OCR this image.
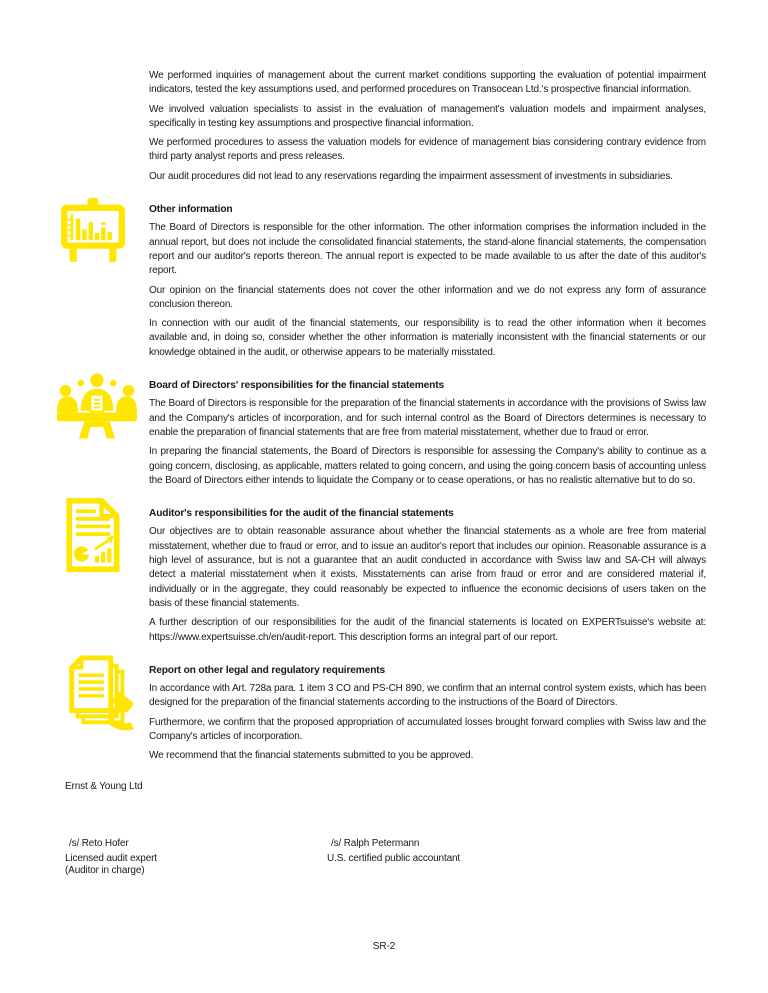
We performed inquiries of management about the current market conditions supporting the evaluation of potential impairment indicators, tested the key assumptions used, and performed procedures on Transocean Ltd.'s prospective financial information.

We involved valuation specialists to assist in the evaluation of management's valuation models and impairment analyses, specifically in testing key assumptions and prospective financial information.

We performed procedures to assess the valuation models for evidence of management bias considering contrary evidence from third party analyst reports and press releases.

Our audit procedures did not lead to any reservations regarding the impairment assessment of investments in subsidiaries.

Other information

The Board of Directors is responsible for the other information. The other information comprises the information included in the annual report, but does not include the consolidated financial statements, the stand-alone financial statements, the compensation report and our auditor's reports thereon. The annual report is expected to be made available to us after the date of this auditor's report.

Our opinion on the financial statements does not cover the other information and we do not express any form of assurance conclusion thereon.

In connection with our audit of the financial statements, our responsibility is to read the other information when it becomes available and, in doing so, consider whether the other information is materially inconsistent with the financial statements or our knowledge obtained in the audit, or otherwise appears to be materially misstated.

Board of Directors' responsibilities for the financial statements

The Board of Directors is responsible for the preparation of the financial statements in accordance with the provisions of Swiss law and the Company's articles of incorporation, and for such internal control as the Board of Directors determines is necessary to enable the preparation of financial statements that are free from material misstatement, whether due to fraud or error.

In preparing the financial statements, the Board of Directors is responsible for assessing the Company's ability to continue as a going concern, disclosing, as applicable, matters related to going concern, and using the going concern basis of accounting unless the Board of Directors either intends to liquidate the Company or to cease operations, or has no realistic alternative but to do so.

Auditor's responsibilities for the audit of the financial statements

Our objectives are to obtain reasonable assurance about whether the financial statements as a whole are free from material misstatement, whether due to fraud or error, and to issue an auditor's report that includes our opinion. Reasonable assurance is a high level of assurance, but is not a guarantee that an audit conducted in accordance with Swiss law and SA-CH will always detect a material misstatement when it exists. Misstatements can arise from fraud or error and are considered material if, individually or in the aggregate, they could reasonably be expected to influence the economic decisions of users taken on the basis of these financial statements.

A further description of our responsibilities for the audit of the financial statements is located on EXPERTsuisse's website at: https://www.expertsuisse.ch/en/audit-report. This description forms an integral part of our report.

Report on other legal and regulatory requirements

In accordance with Art. 728a para. 1 item 3 CO and PS-CH 890, we confirm that an internal control system exists, which has been designed for the preparation of the financial statements according to the instructions of the Board of Directors.

Furthermore, we confirm that the proposed appropriation of accumulated losses brought forward complies with Swiss law and the Company's articles of incorporation.

We recommend that the financial statements submitted to you be approved.

Ernst & Young Ltd
/s/ Reto Hofer
Licensed audit expert
(Auditor in charge)
/s/ Ralph Petermann
U.S. certified public accountant
SR-2
